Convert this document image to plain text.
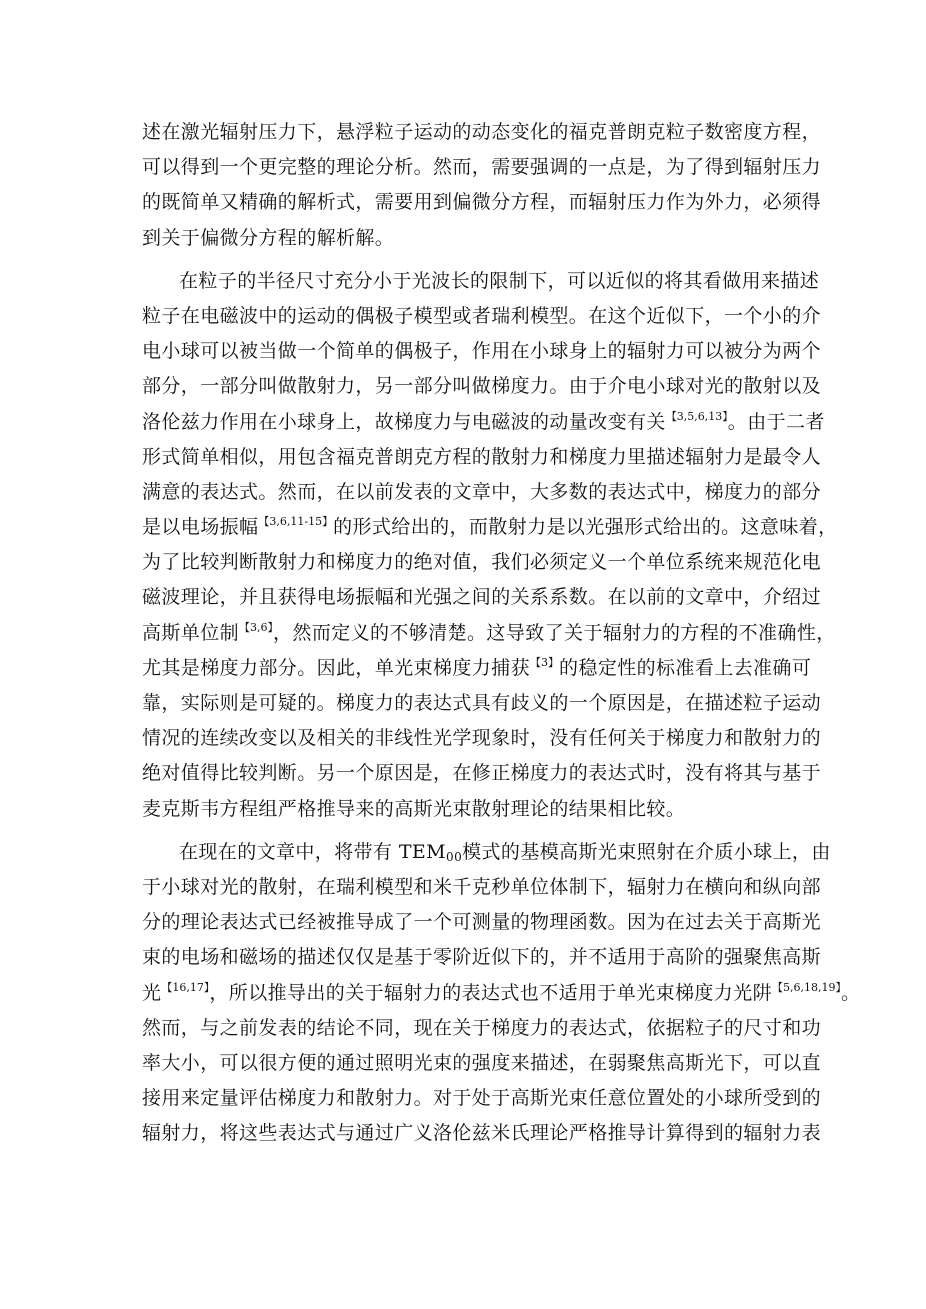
述在激光辐射压力下，悬浮粒子运动的动态变化的福克普朗克粒子数密度方程，
可以得到一个更完整的理论分析。然而，需要强调的一点是，为了得到辐射压力
的既简单又精确的解析式，需要用到偏微分方程，而辐射压力作为外力，必须得
到关于偏微分方程的解析解。
在粒子的半径尺寸充分小于光波长的限制下，可以近似的将其看做用来描述
粒子在电磁波中的运动的偶极子模型或者瑞利模型。在这个近似下，一个小的介
电小球可以被当做一个简单的偶极子，作用在小球身上的辐射力可以被分为两个
部分，一部分叫做散射力，另一部分叫做梯度力。由于介电小球对光的散射以及
洛伦兹力作用在小球身上，故梯度力与电磁波的动量改变有关$^{【3,5,6,13】}$。由于二者
形式简单相似，用包含福克普朗克方程的散射力和梯度力里描述辐射力是最令人
满意的表达式。然而，在以前发表的文章中，大多数的表达式中，梯度力的部分
是以电场振幅$^{【3,6,11-15】}$的形式给出的，而散射力是以光强形式给出的。这意味着，
为了比较判断散射力和梯度力的绝对值，我们必须定义一个单位系统来规范化电
磁波理论，并且获得电场振幅和光强之间的关系系数。在以前的文章中，介绍过
高斯单位制$^{【3,6】}$，然而定义的不够清楚。这导致了关于辐射力的方程的不准确性，
尤其是梯度力部分。因此，单光束梯度力捕获$^{【3】}$的稳定性的标准看上去准确可
靠，实际则是可疑的。梯度力的表达式具有歧义的一个原因是，在描述粒子运动
情况的连续改变以及相关的非线性光学现象时，没有任何关于梯度力和散射力的
绝对值得比较判断。另一个原因是，在修正梯度力的表达式时，没有将其与基于
麦克斯韦方程组严格推导来的高斯光束散射理论的结果相比较。
在现在的文章中，将带有 $TEM_{00}$模式的基模高斯光束照射在介质小球上，由
于小球对光的散射，在瑞利模型和米千克秒单位体制下，辐射力在横向和纵向部
分的理论表达式已经被推导成了一个可测量的物理函数。因为在过去关于高斯光
束的电场和磁场的描述仅仅是基于零阶近似下的，并不适用于高阶的强聚焦高斯
光$^{【16,17】}$，所以推导出的关于辐射力的表达式也不适用于单光束梯度力光阱$^{【5,6,18,19】}$。
然而，与之前发表的结论不同，现在关于梯度力的表达式，依据粒子的尺寸和功
率大小，可以很方便的通过照明光束的强度来描述，在弱聚焦高斯光下，可以直
接用来定量评估梯度力和散射力。对于处于高斯光束任意位置处的小球所受到的
辐射力，将这些表达式与通过广义洛伦兹米氏理论严格推导计算得到的辐射力表
